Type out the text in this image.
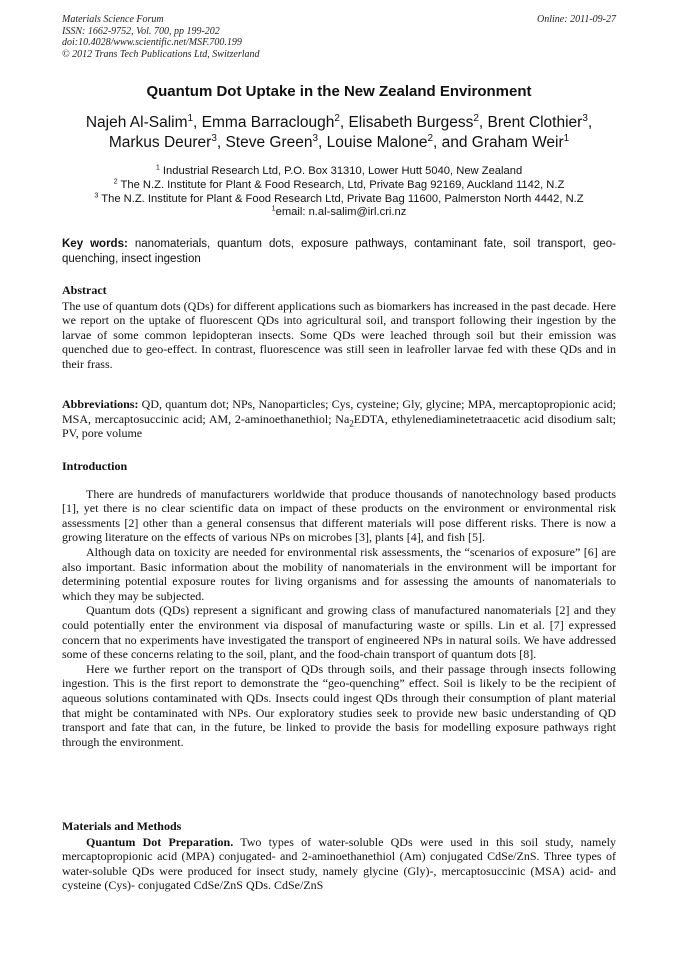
Materials Science Forum
ISSN: 1662-9752, Vol. 700, pp 199-202
doi:10.4028/www.scientific.net/MSF.700.199
© 2012 Trans Tech Publications Ltd, Switzerland
Online: 2011-09-27
Quantum Dot Uptake in the New Zealand Environment
Najeh Al-Salim$^1$, Emma Barraclough$^2$, Elisabeth Burgess$^2$, Brent Clothier$^3$,
Markus Deurer$^3$, Steve Green$^3$, Louise Malone$^2$, and Graham Weir$^1$
$^1$ Industrial Research Ltd, P.O. Box 31310, Lower Hutt 5040, New Zealand
$^2$ The N.Z. Institute for Plant & Food Research, Ltd, Private Bag 92169, Auckland 1142, N.Z
$^3$ The N.Z. Institute for Plant & Food Research Ltd, Private Bag 11600, Palmerston North 4442, N.Z
$^1$email: n.al-salim@irl.cri.nz
Key words: nanomaterials, quantum dots, exposure pathways, contaminant fate, soil transport, geo-quenching, insect ingestion
Abstract

The use of quantum dots (QDs) for different applications such as biomarkers has increased in the past decade. Here we report on the uptake of fluorescent QDs into agricultural soil, and transport following their ingestion by the larvae of some common lepidopteran insects. Some QDs were leached through soil but their emission was quenched due to geo-effect. In contrast, fluorescence was still seen in leafroller larvae fed with these QDs and in their frass.

Abbreviations: QD, quantum dot; NPs, Nanoparticles; Cys, cysteine; Gly, glycine; MPA, mercaptopropionic acid; MSA, mercaptosuccinic acid; AM, 2-aminoethanethiol; $Na_2EDTA$, ethylenediaminetetraacetic acid disodium salt; PV, pore volume

Introduction

There are hundreds of manufacturers worldwide that produce thousands of nanotechnology based products [1], yet there is no clear scientific data on impact of these products on the environment or environmental risk assessments [2] other than a general consensus that different materials will pose different risks. There is now a growing literature on the effects of various NPs on microbes [3], plants [4], and fish [5].

Although data on toxicity are needed for environmental risk assessments, the “scenarios of exposure” [6] are also important. Basic information about the mobility of nanomaterials in the environment will be important for determining potential exposure routes for living organisms and for assessing the amounts of nanomaterials to which they may be subjected.

Quantum dots (QDs) represent a significant and growing class of manufactured nanomaterials [2] and they could potentially enter the environment via disposal of manufacturing waste or spills. Lin et al. [7] expressed concern that no experiments have investigated the transport of engineered NPs in natural soils. We have addressed some of these concerns relating to the soil, plant, and the food-chain transport of quantum dots [8].

Here we further report on the transport of QDs through soils, and their passage through insects following ingestion. This is the first report to demonstrate the “geo-quenching” effect. Soil is likely to be the recipient of aqueous solutions contaminated with QDs. Insects could ingest QDs through their consumption of plant material that might be contaminated with NPs. Our exploratory studies seek to provide new basic understanding of QD transport and fate that can, in the future, be linked to provide the basis for modelling exposure pathways right through the environment.

Materials and Methods

Quantum Dot Preparation. Two types of water-soluble QDs were used in this soil study, namely mercaptopropionic acid (MPA) conjugated- and 2-aminoethanethiol (Am) conjugated CdSe/ZnS. Three types of water-soluble QDs were produced for insect study, namely glycine (Gly)-, mercaptosuccinic (MSA) acid- and cysteine (Cys)- conjugated CdSe/ZnS QDs. CdSe/ZnS
